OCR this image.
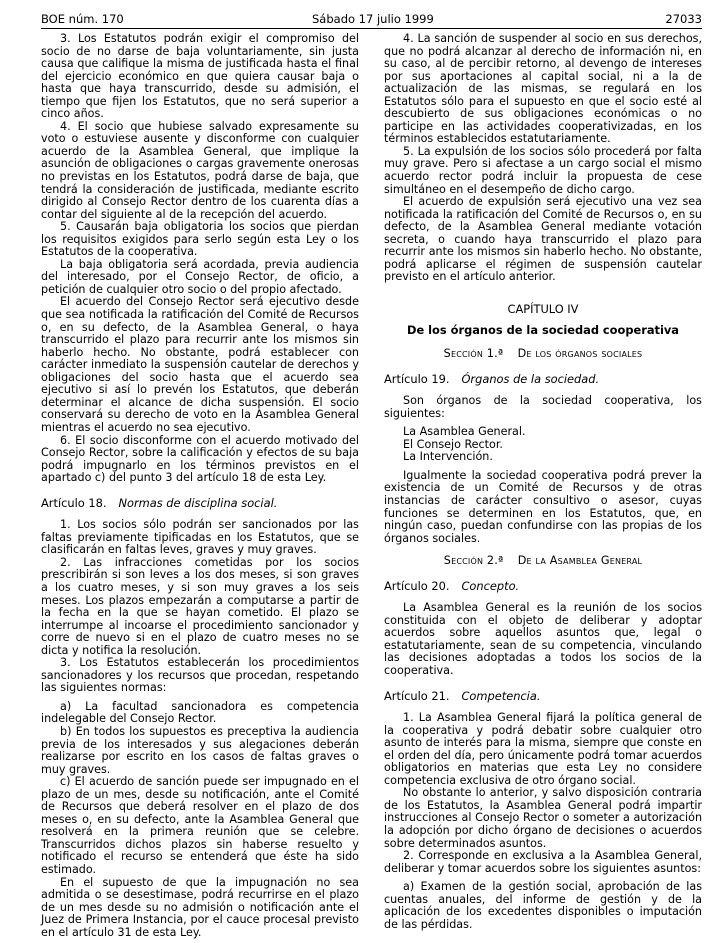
BOE núm. 170	Sábado 17 julio 1999	27033

3. Los Estatutos podrán exigir el compromiso del socio de no darse de baja voluntariamente, sin justa causa que califique la misma de justificada hasta el final del ejercicio económico en que quiera causar baja o hasta que haya transcurrido, desde su admisión, el tiempo que fijen los Estatutos, que no será superior a cinco años.

4. El socio que hubiese salvado expresamente su voto o estuviese ausente y disconforme con cualquier acuerdo de la Asamblea General, que implique la asunción de obligaciones o cargas gravemente onerosas no previstas en los Estatutos, podrá darse de baja, que tendrá la consideración de justificada, mediante escrito dirigido al Consejo Rector dentro de los cuarenta días a contar del siguiente al de la recepción del acuerdo.

5. Causarán baja obligatoria los socios que pierdan los requisitos exigidos para serlo según esta Ley o los Estatutos de la cooperativa.

La baja obligatoria será acordada, previa audiencia del interesado, por el Consejo Rector, de oficio, a petición de cualquier otro socio o del propio afectado.

El acuerdo del Consejo Rector será ejecutivo desde que sea notificada la ratificación del Comité de Recursos o, en su defecto, de la Asamblea General, o haya transcurrido el plazo para recurrir ante los mismos sin haberlo hecho. No obstante, podrá establecer con carácter inmediato la suspensión cautelar de derechos y obligaciones del socio hasta que el acuerdo sea ejecutivo si así lo prevén los Estatutos, que deberán determinar el alcance de dicha suspensión. El socio conservará su derecho de voto en la Asamblea General mientras el acuerdo no sea ejecutivo.

6. El socio disconforme con el acuerdo motivado del Consejo Rector, sobre la calificación y efectos de su baja podrá impugnarlo en los términos previstos en el apartado c) del punto 3 del artículo 18 de esta Ley.

Artículo 18. Normas de disciplina social.

1. Los socios sólo podrán ser sancionados por las faltas previamente tipificadas en los Estatutos, que se clasificarán en faltas leves, graves y muy graves.

2. Las infracciones cometidas por los socios prescribirán si son leves a los dos meses, si son graves a los cuatro meses, y si son muy graves a los seis meses. Los plazos empezarán a computarse a partir de la fecha en la que se hayan cometido. El plazo se interrumpe al incoarse el procedimiento sancionador y corre de nuevo si en el plazo de cuatro meses no se dicta y notifica la resolución.

3. Los Estatutos establecerán los procedimientos sancionadores y los recursos que procedan, respetando las siguientes normas:

a) La facultad sancionadora es competencia indelegable del Consejo Rector.

b) En todos los supuestos es preceptiva la audiencia previa de los interesados y sus alegaciones deberán realizarse por escrito en los casos de faltas graves o muy graves.

c) El acuerdo de sanción puede ser impugnado en el plazo de un mes, desde su notificación, ante el Comité de Recursos que deberá resolver en el plazo de dos meses o, en su defecto, ante la Asamblea General que resolverá en la primera reunión que se celebre. Transcurridos dichos plazos sin haberse resuelto y notificado el recurso se entenderá que éste ha sido estimado.

En el supuesto de que la impugnación no sea admitida o se desestimase, podrá recurrirse en el plazo de un mes desde su no admisión o notificación ante el Juez de Primera Instancia, por el cauce procesal previsto en el artículo 31 de esta Ley.

4. La sanción de suspender al socio en sus derechos, que no podrá alcanzar al derecho de información ni, en su caso, al de percibir retorno, al devengo de intereses por sus aportaciones al capital social, ni a la de actualización de las mismas, se regulará en los Estatutos sólo para el supuesto en que el socio esté al descubierto de sus obligaciones económicas o no participe en las actividades cooperativizadas, en los términos establecidos estatutariamente.

5. La expulsión de los socios sólo procederá por falta muy grave. Pero si afectase a un cargo social el mismo acuerdo rector podrá incluir la propuesta de cese simultáneo en el desempeño de dicho cargo.

El acuerdo de expulsión será ejecutivo una vez sea notificada la ratificación del Comité de Recursos o, en su defecto, de la Asamblea General mediante votación secreta, o cuando haya transcurrido el plazo para recurrir ante los mismos sin haberlo hecho. No obstante, podrá aplicarse el régimen de suspensión cautelar previsto en el artículo anterior.

CAPÍTULO IV
De los órganos de la sociedad cooperativa
Sección 1.ª De los órganos sociales
Artículo 19. Órganos de la sociedad.

Son órganos de la sociedad cooperativa, los siguientes:

La Asamblea General.

El Consejo Rector.

La Intervención.

Igualmente la sociedad cooperativa podrá prever la existencia de un Comité de Recursos y de otras instancias de carácter consultivo o asesor, cuyas funciones se determinen en los Estatutos, que, en ningún caso, puedan confundirse con las propias de los órganos sociales.

Sección 2.ª De la Asamblea General
Artículo 20. Concepto.

La Asamblea General es la reunión de los socios constituida con el objeto de deliberar y adoptar acuerdos sobre aquellos asuntos que, legal o estatutariamente, sean de su competencia, vinculando las decisiones adoptadas a todos los socios de la cooperativa.

Artículo 21. Competencia.

1. La Asamblea General fijará la política general de la cooperativa y podrá debatir sobre cualquier otro asunto de interés para la misma, siempre que conste en el orden del día, pero únicamente podrá tomar acuerdos obligatorios en materias que esta Ley no considere competencia exclusiva de otro órgano social.

No obstante lo anterior, y salvo disposición contraria de los Estatutos, la Asamblea General podrá impartir instrucciones al Consejo Rector o someter a autorización la adopción por dicho órgano de decisiones o acuerdos sobre determinados asuntos.

2. Corresponde en exclusiva a la Asamblea General, deliberar y tomar acuerdos sobre los siguientes asuntos:

a) Examen de la gestión social, aprobación de las cuentas anuales, del informe de gestión y de la aplicación de los excedentes disponibles o imputación de las pérdidas.
